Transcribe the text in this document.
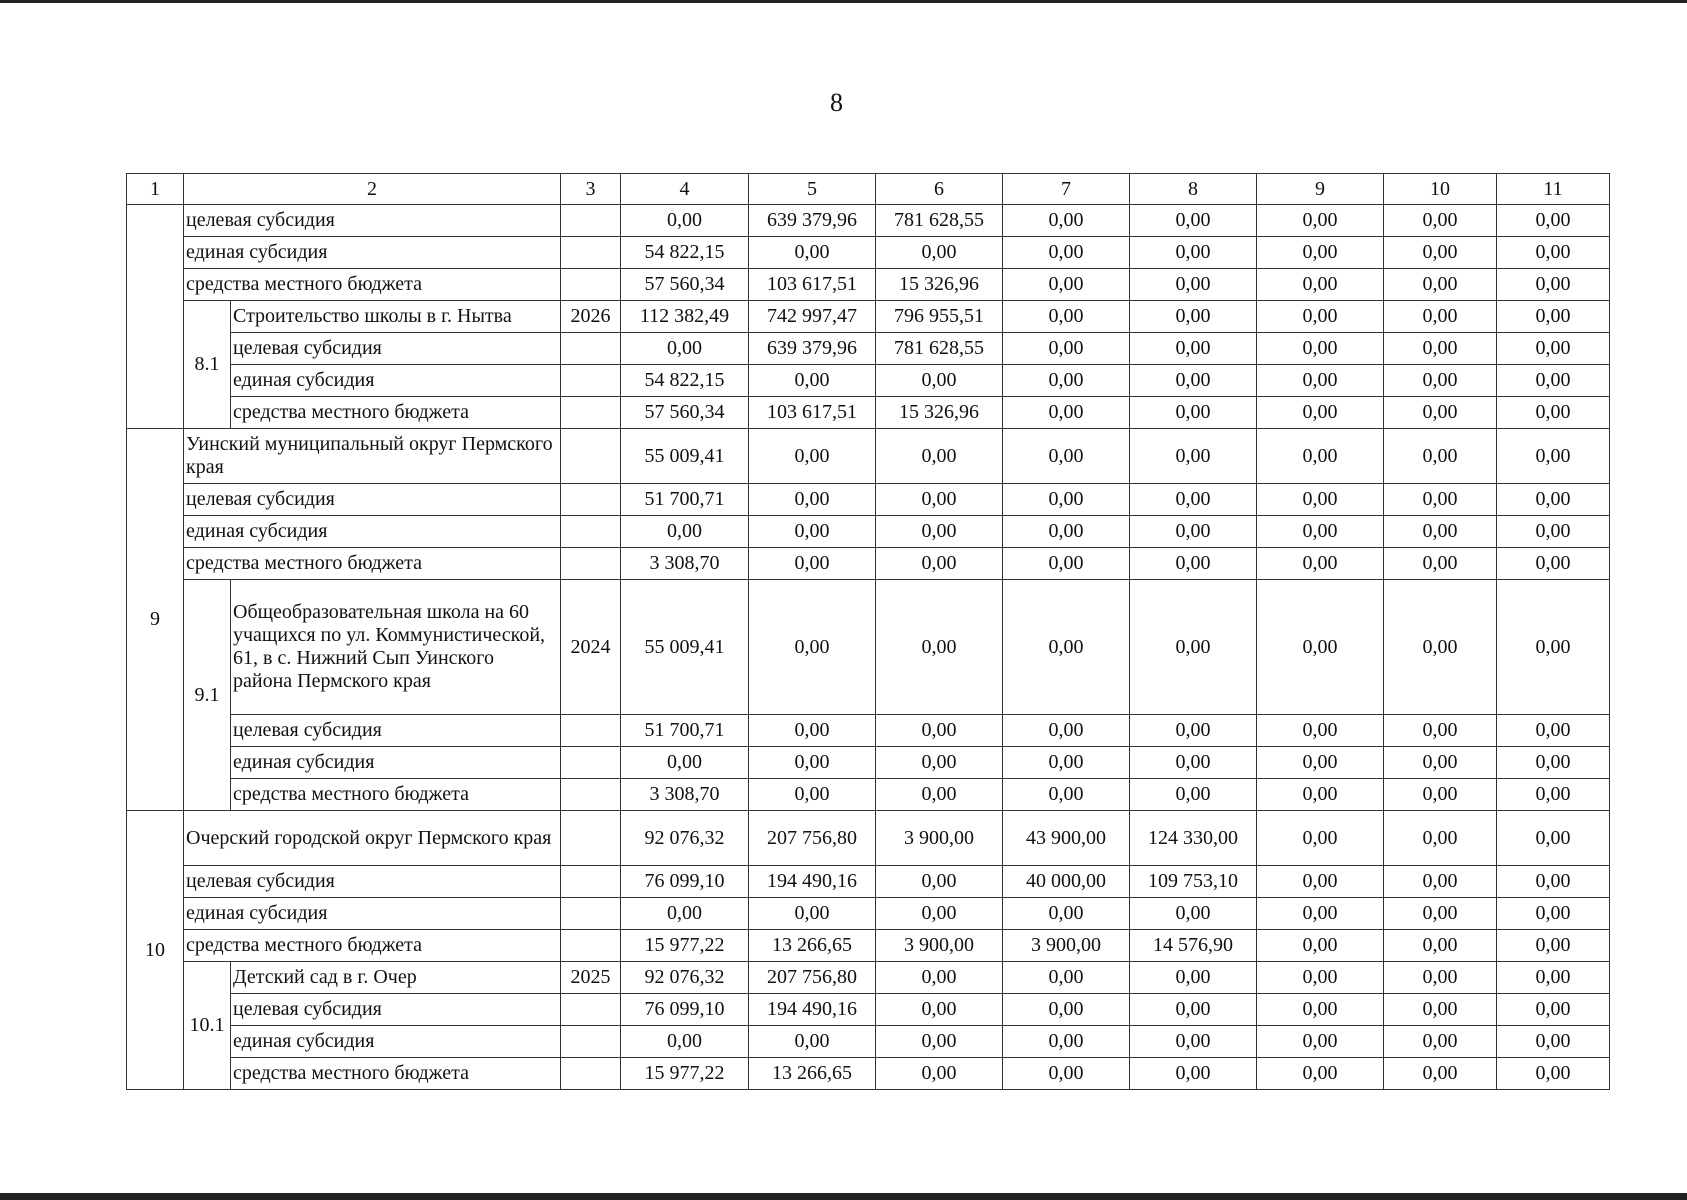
8
1	2		3	4	5	6	7	8	9	10	11
	целевая субсидия			0,00	639 379,96	781 628,55	0,00	0,00	0,00	0,00	0,00
	единая субсидия			54 822,15	0,00	0,00	0,00	0,00	0,00	0,00	0,00
	средства местного бюджета			57 560,34	103 617,51	15 326,96	0,00	0,00	0,00	0,00	0,00
	8.1	Строительство школы в г. Нытва	2026	112 382,49	742 997,47	796 955,51	0,00	0,00	0,00	0,00	0,00
		целевая субсидия		0,00	639 379,96	781 628,55	0,00	0,00	0,00	0,00	0,00
		единая субсидия		54 822,15	0,00	0,00	0,00	0,00	0,00	0,00	0,00
		средства местного бюджета		57 560,34	103 617,51	15 326,96	0,00	0,00	0,00	0,00	0,00
9	Уинский муниципальный округ Пермского края			55 009,41	0,00	0,00	0,00	0,00	0,00	0,00	0,00
	целевая субсидия			51 700,71	0,00	0,00	0,00	0,00	0,00	0,00	0,00
	единая субсидия			0,00	0,00	0,00	0,00	0,00	0,00	0,00	0,00
	средства местного бюджета			3 308,70	0,00	0,00	0,00	0,00	0,00	0,00	0,00
	9.1	Общеобразовательная школа на 60 учащихся по ул. Коммунистической, 61, в с. Нижний Сып Уинского района Пермского края	2024	55 009,41	0,00	0,00	0,00	0,00	0,00	0,00	0,00
		целевая субсидия		51 700,71	0,00	0,00	0,00	0,00	0,00	0,00	0,00
		единая субсидия		0,00	0,00	0,00	0,00	0,00	0,00	0,00	0,00
		средства местного бюджета		3 308,70	0,00	0,00	0,00	0,00	0,00	0,00	0,00
10	Очерский городской округ Пермского края			92 076,32	207 756,80	3 900,00	43 900,00	124 330,00	0,00	0,00	0,00
	целевая субсидия			76 099,10	194 490,16	0,00	40 000,00	109 753,10	0,00	0,00	0,00
	единая субсидия			0,00	0,00	0,00	0,00	0,00	0,00	0,00	0,00
	средства местного бюджета			15 977,22	13 266,65	3 900,00	3 900,00	14 576,90	0,00	0,00	0,00
	10.1	Детский сад в г. Очер	2025	92 076,32	207 756,80	0,00	0,00	0,00	0,00	0,00	0,00
		целевая субсидия		76 099,10	194 490,16	0,00	0,00	0,00	0,00	0,00	0,00
		единая субсидия		0,00	0,00	0,00	0,00	0,00	0,00	0,00	0,00
		средства местного бюджета		15 977,22	13 266,65	0,00	0,00	0,00	0,00	0,00	0,00
